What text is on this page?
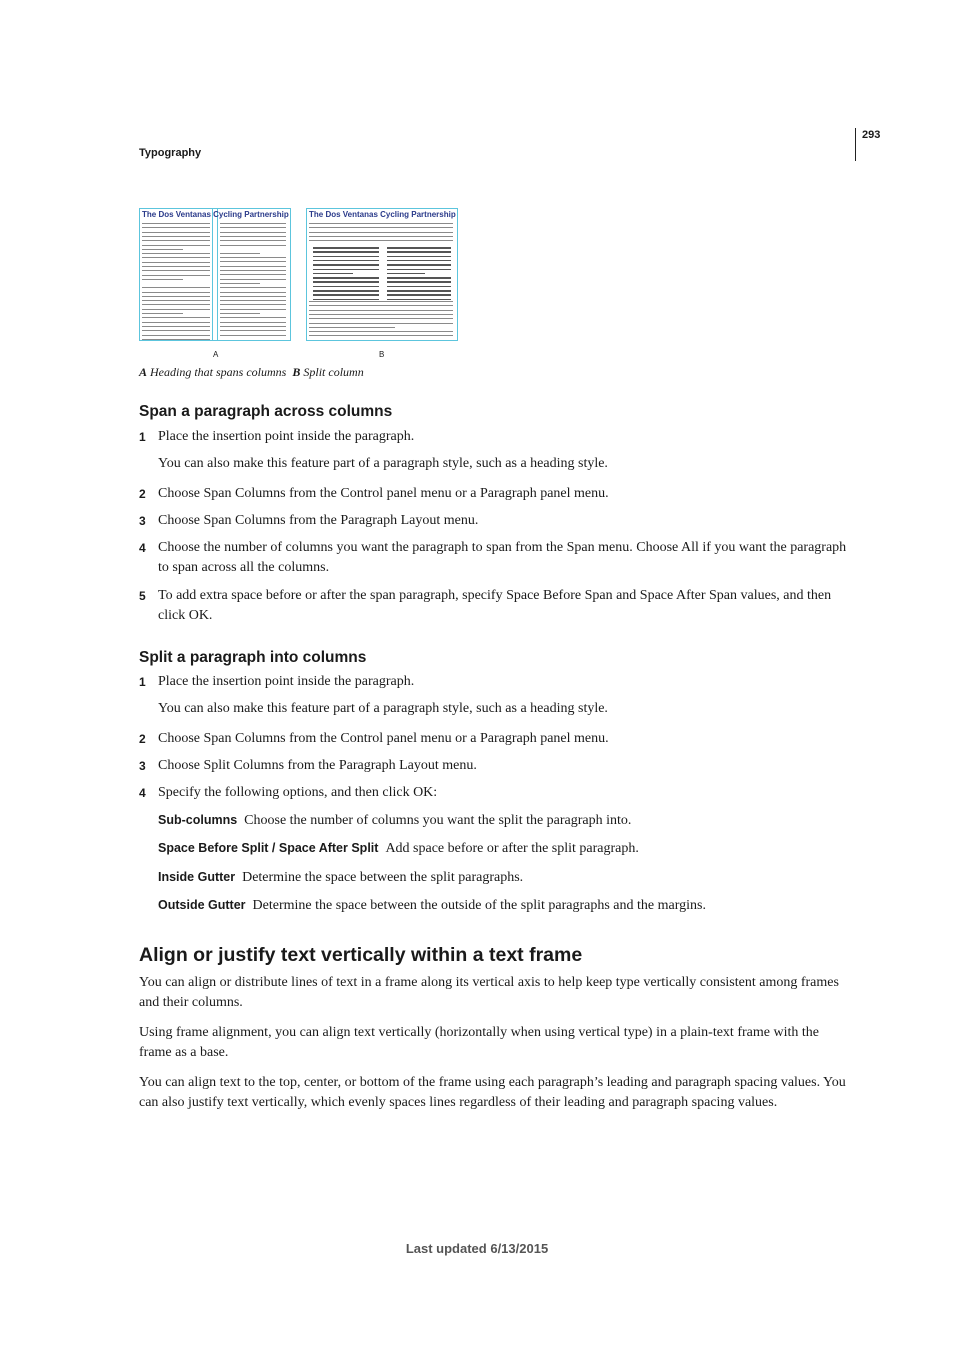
293
Typography
The Dos Ventanas Cycling Partnership	The Dos Ventanas Cycling Partnership
A	B
A Heading that spans columns B Split column
Span a paragraph across columns
1 Place the insertion point inside the paragraph.
You can also make this feature part of a paragraph style, such as a heading style.
2 Choose Span Columns from the Control panel menu or a Paragraph panel menu.
3 Choose Span Columns from the Paragraph Layout menu.
4 Choose the number of columns you want the paragraph to span from the Span menu. Choose All if you want the paragraph to span across all the columns.
5 To add extra space before or after the span paragraph, specify Space Before Span and Space After Span values, and then click OK.
Split a paragraph into columns
1 Place the insertion point inside the paragraph.
You can also make this feature part of a paragraph style, such as a heading style.
2 Choose Span Columns from the Control panel menu or a Paragraph panel menu.
3 Choose Split Columns from the Paragraph Layout menu.
4 Specify the following options, and then click OK:
Sub-columns Choose the number of columns you want the split the paragraph into.
Space Before Split / Space After Split Add space before or after the split paragraph.
Inside Gutter Determine the space between the split paragraphs.
Outside Gutter Determine the space between the outside of the split paragraphs and the margins.
Align or justify text vertically within a text frame
You can align or distribute lines of text in a frame along its vertical axis to help keep type vertically consistent among frames and their columns.
Using frame alignment, you can align text vertically (horizontally when using vertical type) in a plain-text frame with the frame as a base.
You can align text to the top, center, or bottom of the frame using each paragraph’s leading and paragraph spacing values. You can also justify text vertically, which evenly spaces lines regardless of their leading and paragraph spacing values.
Last updated 6/13/2015
